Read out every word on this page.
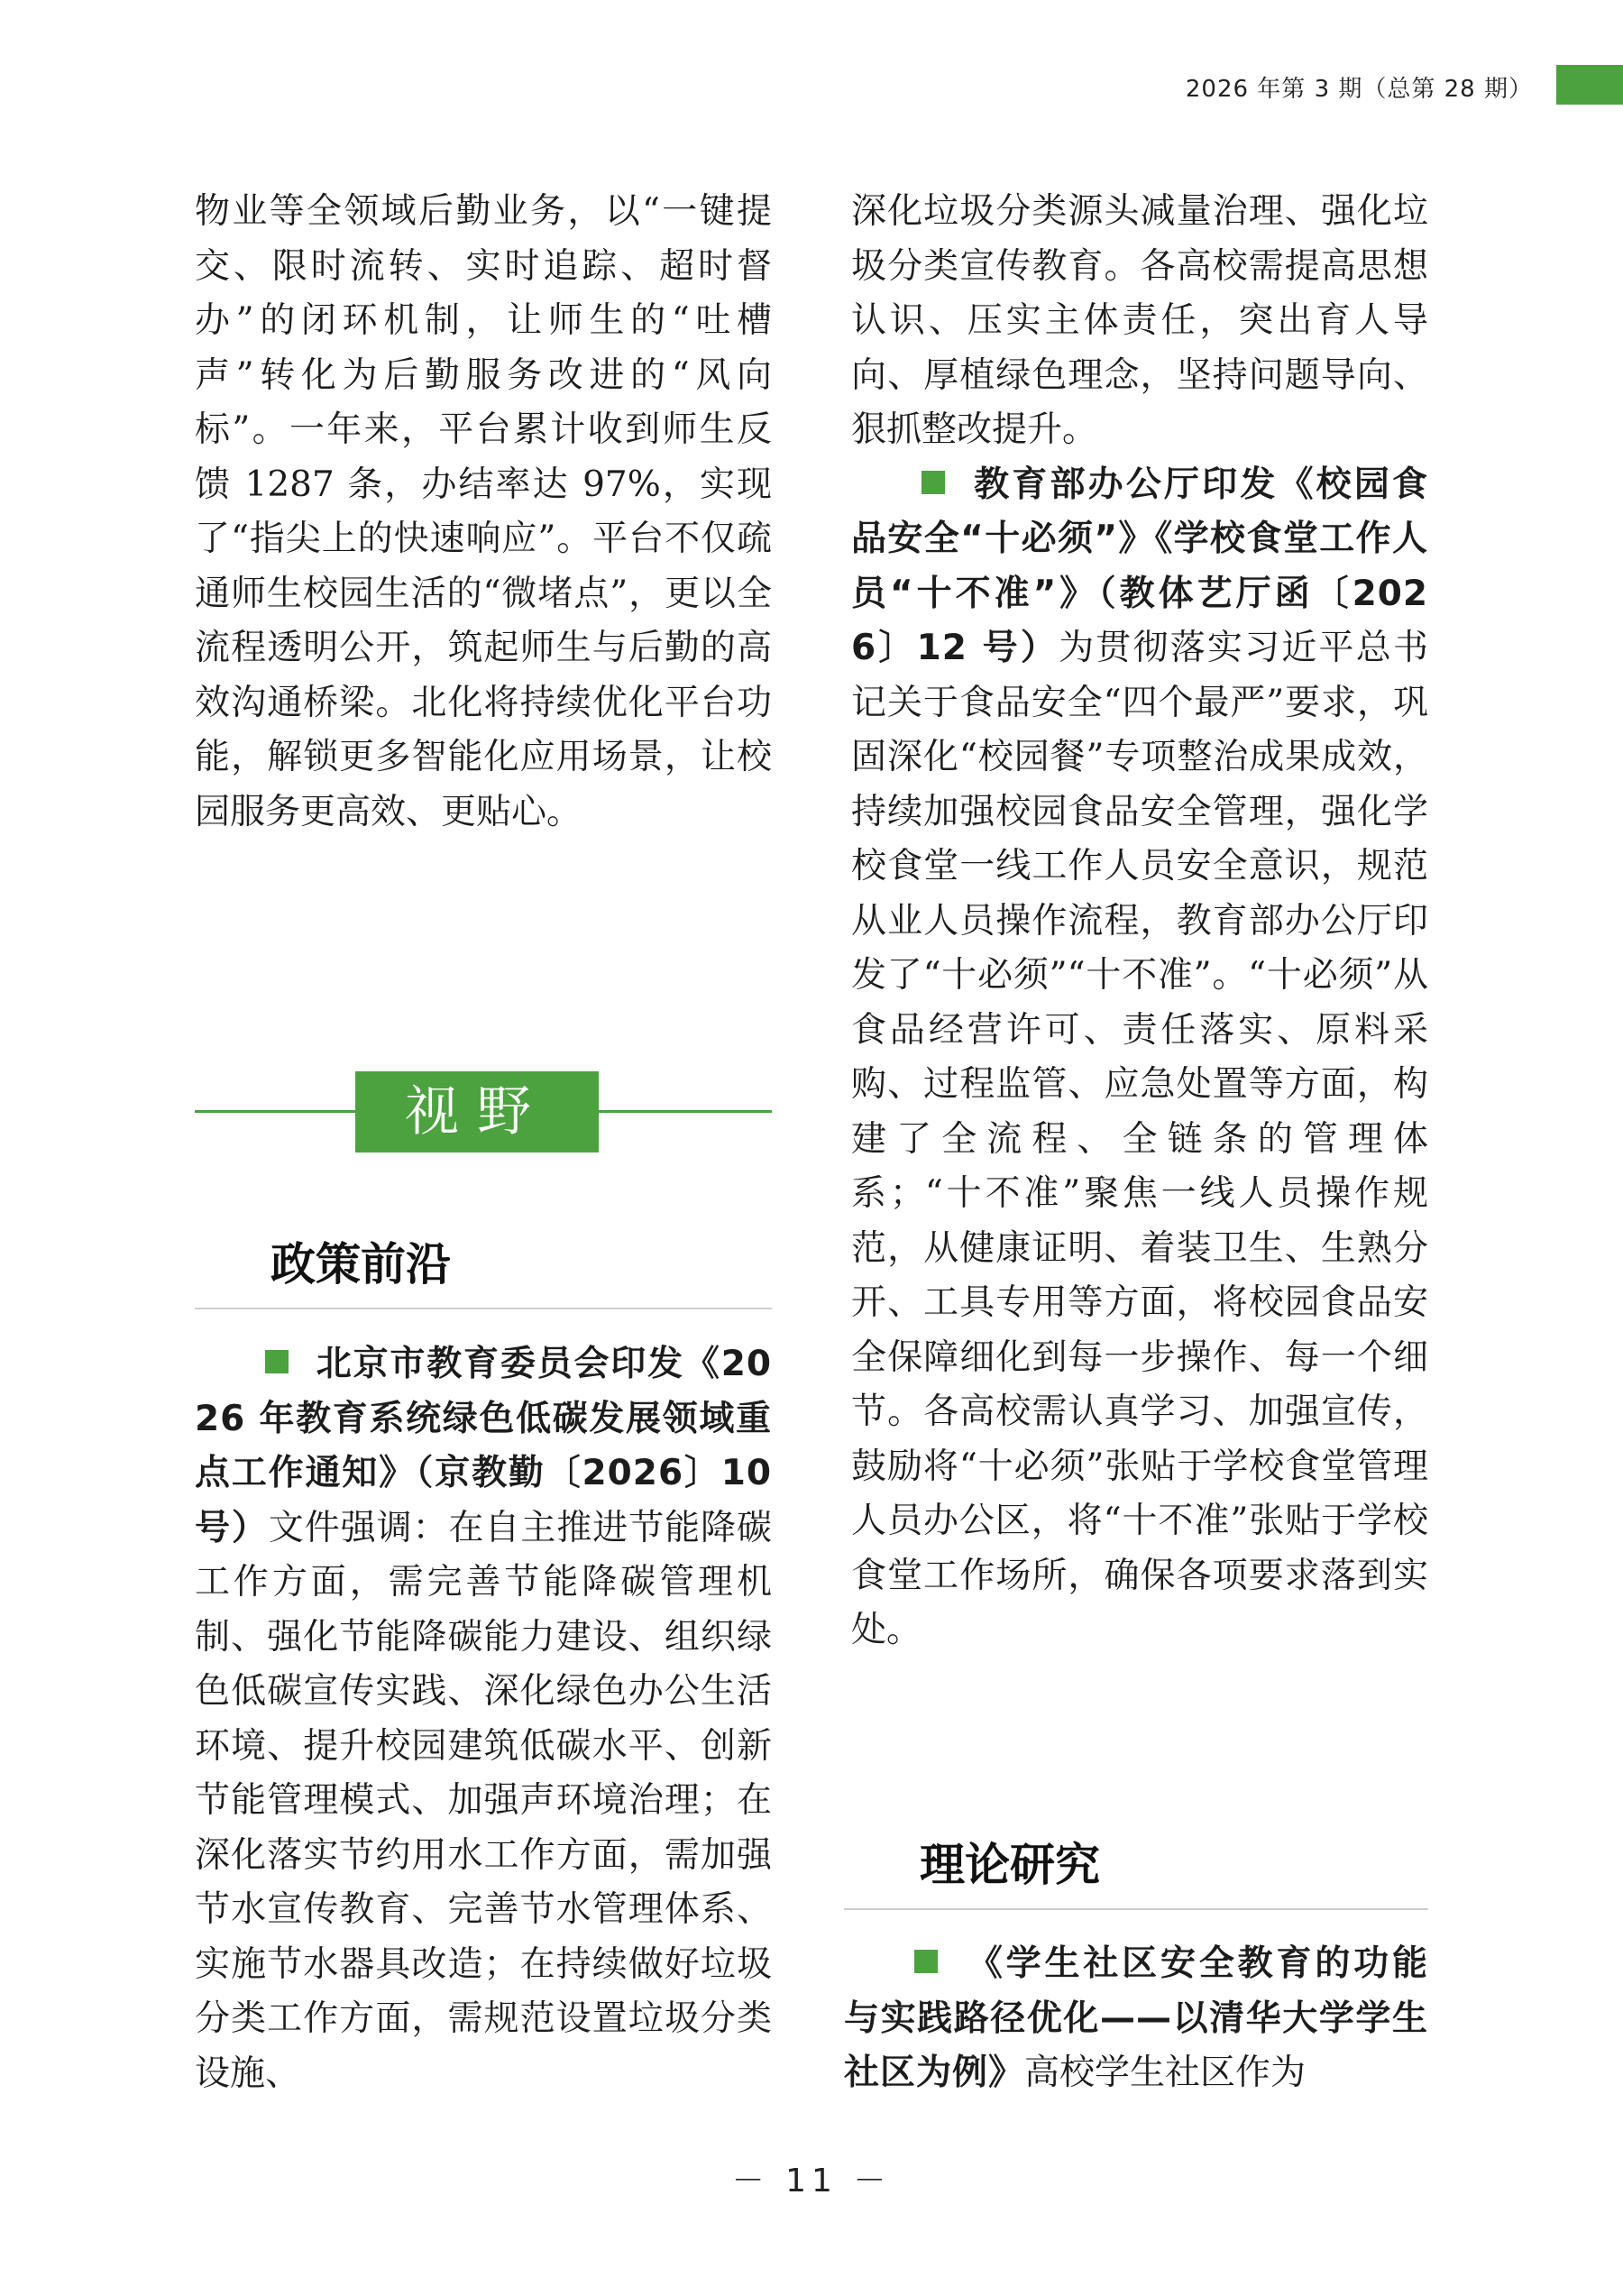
2026 年第 3 期（总第 28 期）

物业等全领域后勤业务，以“一键提交、限时流转、实时追踪、超时督办”的闭环机制，让师生的“吐槽声”转化为后勤服务改进的“风向标”。一年来，平台累计收到师生反馈 1287 条，办结率达 97%，实现了“指尖上的快速响应”。平台不仅疏通师生校园生活的“微堵点”，更以全流程透明公开，筑起师生与后勤的高效沟通桥梁。北化将持续优化平台功能，解锁更多智能化应用场景，让校园服务更高效、更贴心。

视野
政策前沿

北京市教育委员会印发《2026 年教育系统绿色低碳发展领域重点工作通知》（京教勤〔2026〕10 号）文件强调：在自主推进节能降碳工作方面，需完善节能降碳管理机制、强化节能降碳能力建设、组织绿色低碳宣传实践、深化绿色办公生活环境、提升校园建筑低碳水平、创新节能管理模式、加强声环境治理；在深化落实节约用水工作方面，需加强节水宣传教育、完善节水管理体系、实施节水器具改造；在持续做好垃圾分类工作方面，需规范设置垃圾分类设施、

深化垃圾分类源头减量治理、强化垃圾分类宣传教育。各高校需提高思想认识、压实主体责任，突出育人导向、厚植绿色理念，坚持问题导向、狠抓整改提升。

教育部办公厅印发《校园食品安全“十必须”》《学校食堂工作人员“十不准”》（教体艺厅函〔2026〕12 号）为贯彻落实习近平总书记关于食品安全“四个最严”要求，巩固深化“校园餐”专项整治成果成效，持续加强校园食品安全管理，强化学校食堂一线工作人员安全意识，规范从业人员操作流程，教育部办公厅印发了“十必须”“十不准”。“十必须”从食品经营许可、责任落实、原料采购、过程监管、应急处置等方面，构建了全流程、全链条的管理体系；“十不准”聚焦一线人员操作规范，从健康证明、着装卫生、生熟分开、工具专用等方面，将校园食品安全保障细化到每一步操作、每一个细节。各高校需认真学习、加强宣传，鼓励将“十必须”张贴于学校食堂管理人员办公区，将“十不准”张贴于学校食堂工作场所，确保各项要求落到实处。

理论研究

《学生社区安全教育的功能与实践路径优化——以清华大学学生社区为例》高校学生社区作为

－ 11 －
